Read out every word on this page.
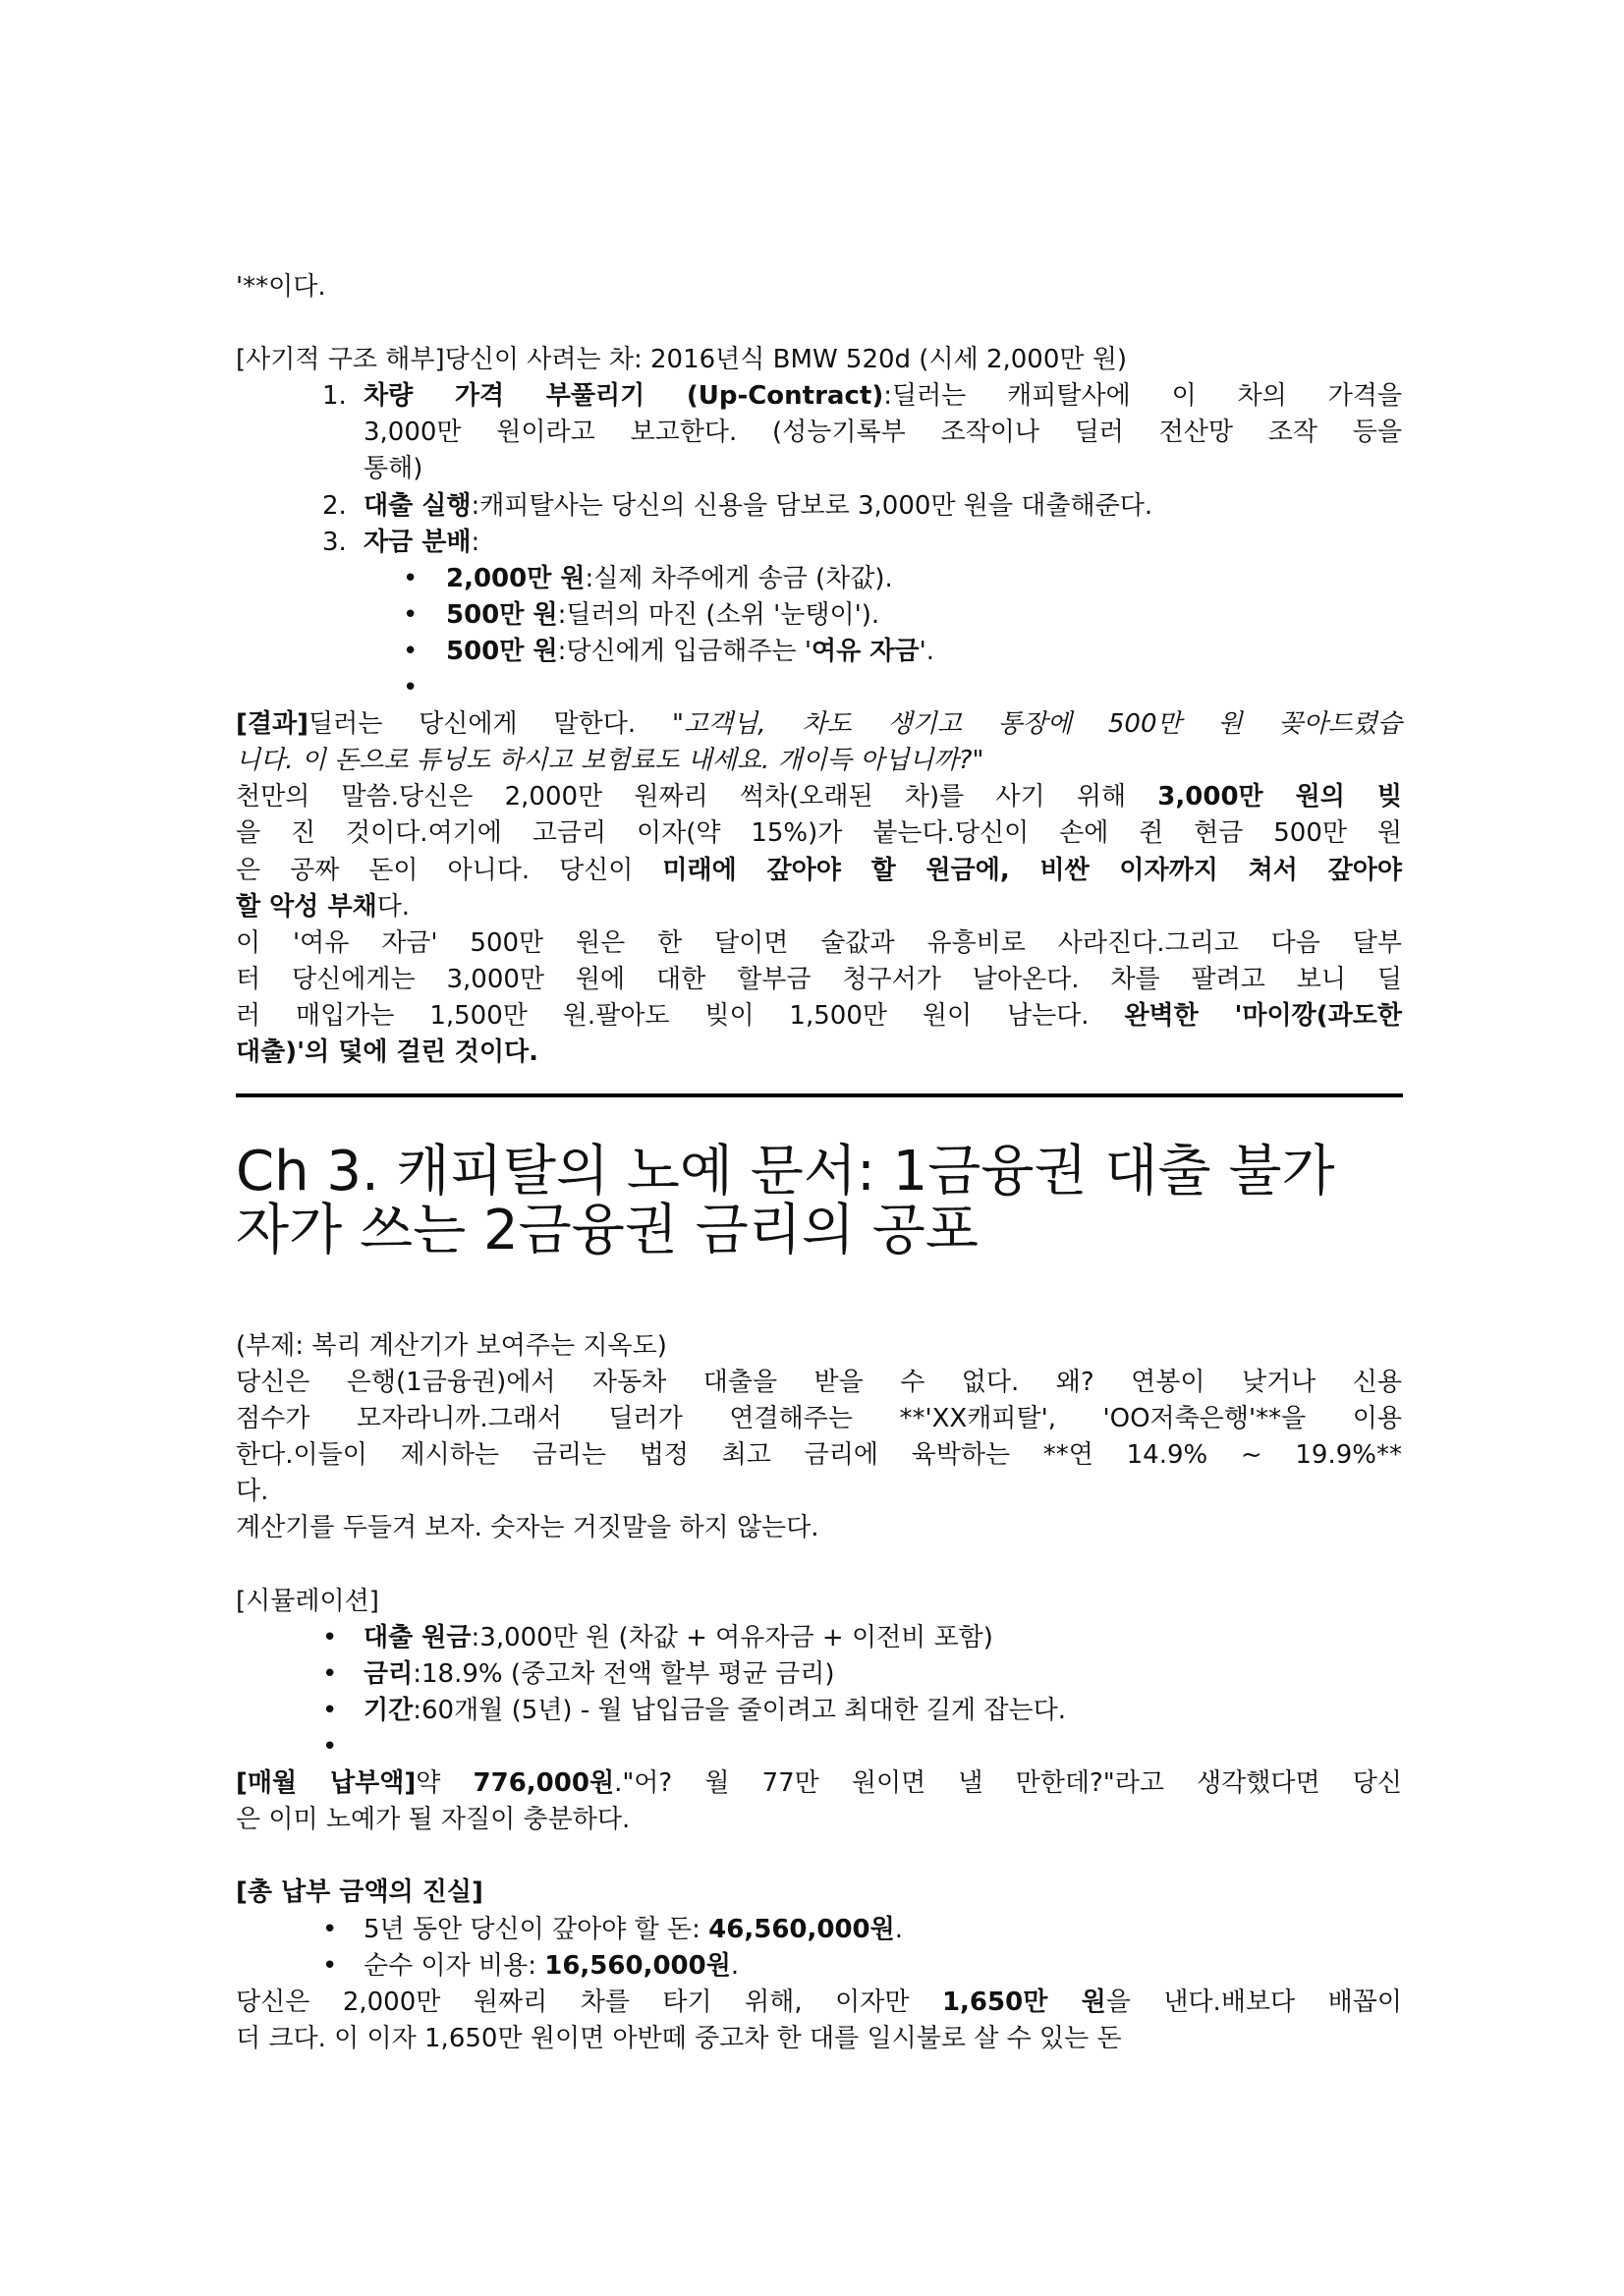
'**이다.

[사기적 구조 해부]당신이 사려는 차: 2016년식 BMW 520d (시세 2,000만 원)
1. 차량 가격 부풀리기 (Up-Contract):딜러는 캐피탈사에 이 차의 가격을
3,000만 원이라고 보고한다. (성능기록부 조작이나 딜러 전산망 조작 등을
통해)
2. 대출 실행:캐피탈사는 당신의 신용을 담보로 3,000만 원을 대출해준다.
3. 자금 분배:
• 2,000만 원:실제 차주에게 송금 (차값).
• 500만 원:딜러의 마진 (소위 '눈탱이').
• 500만 원:당신에게 입금해주는 '여유 자금'.
•
[결과]딜러는 당신에게 말한다. "고객님, 차도 생기고 통장에 500만 원 꽂아드렸습
니다. 이 돈으로 튜닝도 하시고 보험료도 내세요. 개이득 아닙니까?"
천만의 말씀.당신은 2,000만 원짜리 썩차(오래된 차)를 사기 위해 3,000만 원의 빚
을 진 것이다.여기에 고금리 이자(약 15%)가 붙는다.당신이 손에 쥔 현금 500만 원
은 공짜 돈이 아니다. 당신이 미래에 갚아야 할 원금에, 비싼 이자까지 쳐서 갚아야
할 악성 부채다.
이 '여유 자금' 500만 원은 한 달이면 술값과 유흥비로 사라진다.그리고 다음 달부
터 당신에게는 3,000만 원에 대한 할부금 청구서가 날아온다. 차를 팔려고 보니 딜
러 매입가는 1,500만 원.팔아도 빚이 1,500만 원이 남는다. 완벽한 '마이깡(과도한
대출)'의 덫에 걸린 것이다.
Ch 3. 캐피탈의 노예 문서: 1금융권 대출 불가
자가 쓰는 2금융권 금리의 공포
(부제: 복리 계산기가 보여주는 지옥도)
당신은 은행(1금융권)에서 자동차 대출을 받을 수 없다. 왜? 연봉이 낮거나 신용
점수가 모자라니까.그래서 딜러가 연결해주는 **'XX캐피탈', 'OO저축은행'**을 이용
한다.이들이 제시하는 금리는 법정 최고 금리에 육박하는 **연 14.9% ~ 19.9%**
다.
계산기를 두들겨 보자. 숫자는 거짓말을 하지 않는다.

[시뮬레이션]
• 대출 원금:3,000만 원 (차값 + 여유자금 + 이전비 포함)
• 금리:18.9% (중고차 전액 할부 평균 금리)
• 기간:60개월 (5년) - 월 납입금을 줄이려고 최대한 길게 잡는다.
•
[매월 납부액]약 776,000원."어? 월 77만 원이면 낼 만한데?"라고 생각했다면 당신
은 이미 노예가 될 자질이 충분하다.

[총 납부 금액의 진실]
• 5년 동안 당신이 갚아야 할 돈: 46,560,000원.
• 순수 이자 비용: 16,560,000원.
당신은 2,000만 원짜리 차를 타기 위해, 이자만 1,650만 원을 낸다.배보다 배꼽이
더 크다. 이 이자 1,650만 원이면 아반떼 중고차 한 대를 일시불로 살 수 있는 돈
